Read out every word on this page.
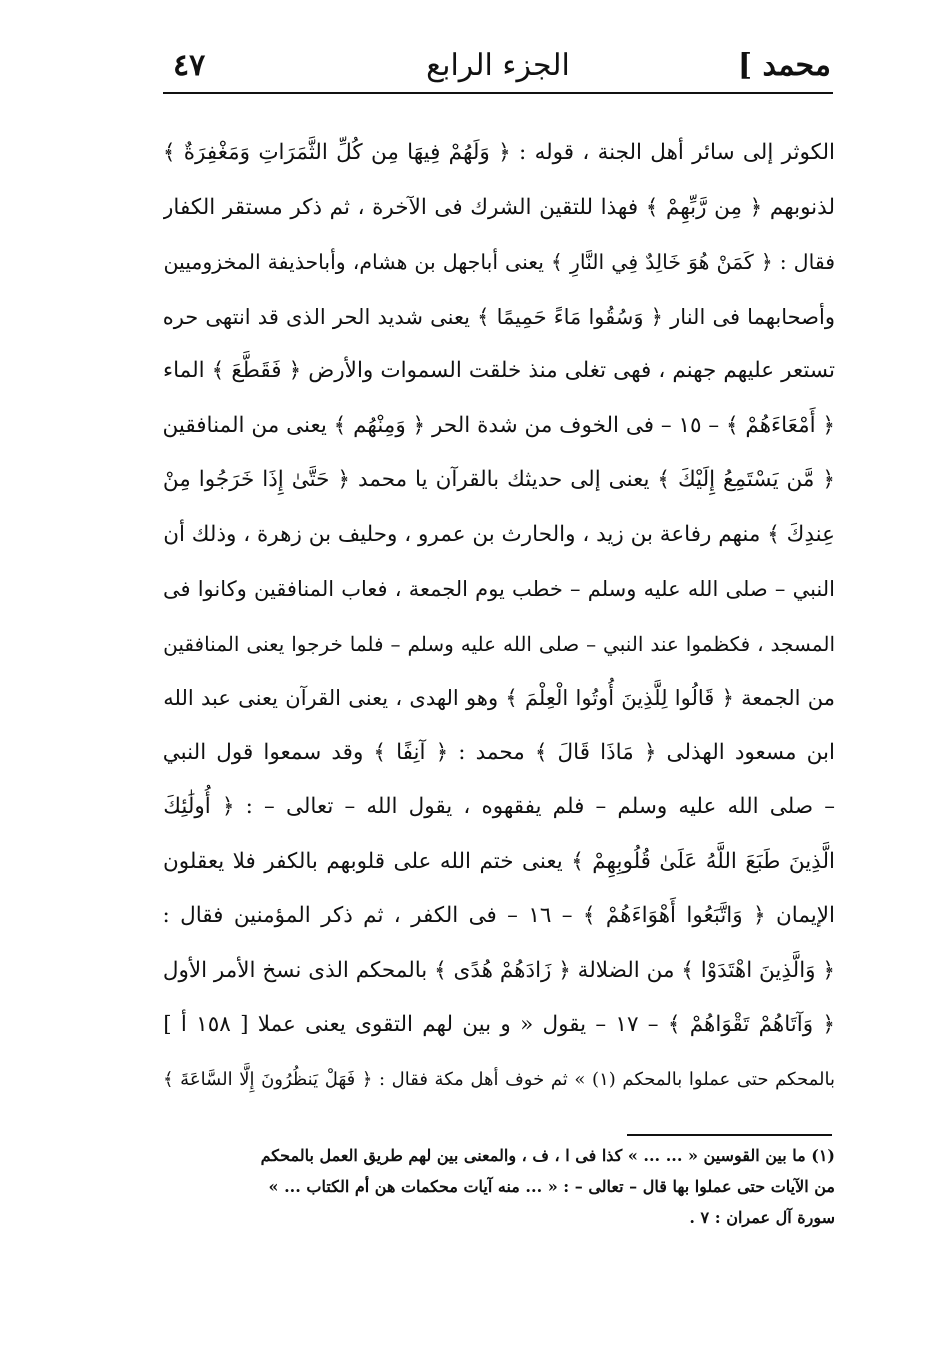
محمد ]
الجزء الرابع
٤٧
الكوثر إلى سائر أهل الجنة ، قوله : ﴿ وَلَهُمْ فِيهَا مِن كُلِّ الثَّمَرَاتِ وَمَغْفِرَةٌ ﴾
لذنوبهم ﴿ مِن رَّبِّهِمْ ﴾ فهذا للتقين الشرك فى الآخرة ، ثم ذكر مستقر الكفار
فقال : ﴿ كَمَنْ هُوَ خَالِدٌ فِي النَّارِ ﴾ يعنى أباجهل بن هشام، وأباحذيفة المخزوميين
وأصحابهما فى النار ﴿ وَسُقُوا مَاءً حَمِيمًا ﴾ يعنى شديد الحر الذى قد انتهى حره
تستعر عليهم جهنم ، فهى تغلى منذ خلقت السموات والأرض ﴿ فَقَطَّعَ ﴾ الماء
﴿ أَمْعَاءَهُمْ ﴾ – ١٥ – فى الخوف من شدة الحر ﴿ وَمِنْهُم ﴾ يعنى من المنافقين
﴿ مَّن يَسْتَمِعُ إِلَيْكَ ﴾ يعنى إلى حديثك بالقرآن يا محمد ﴿ حَتَّىٰ إِذَا خَرَجُوا مِنْ
عِندِكَ ﴾ منهم رفاعة بن زيد ، والحارث بن عمرو ، وحليف بن زهرة ، وذلك أن
النبي – صلى الله عليه وسلم – خطب يوم الجمعة ، فعاب المنافقين وكانوا فى
المسجد ، فكظموا عند النبي – صلى الله عليه وسلم – فلما خرجوا يعنى المنافقين
من الجمعة ﴿ قَالُوا لِلَّذِينَ أُوتُوا الْعِلْمَ ﴾ وهو الهدى ، يعنى القرآن يعنى عبد الله
ابن مسعود الهذلى ﴿ مَاذَا قَالَ ﴾ محمد : ﴿ آنِفًا ﴾ وقد سمعوا قول النبي
– صلى الله عليه وسلم – فلم يفقهوه ، يقول الله – تعالى – : ﴿ أُولَٰئِكَ
الَّذِينَ طَبَعَ اللَّهُ عَلَىٰ قُلُوبِهِمْ ﴾ يعنى ختم الله على قلوبهم بالكفر فلا يعقلون
الإيمان ﴿ وَاتَّبَعُوا أَهْوَاءَهُمْ ﴾ – ١٦ – فى الكفر ، ثم ذكر المؤمنين فقال :
﴿ وَالَّذِينَ اهْتَدَوْا ﴾ من الضلالة ﴿ زَادَهُمْ هُدًى ﴾ بالمحكم الذى نسخ الأمر الأول
﴿ وَآتَاهُمْ تَقْوَاهُمْ ﴾ – ١٧ – يقول « و بين لهم التقوى يعنى عملا [ ١٥٨ أ ]
بالمحكم حتى عملوا بالمحكم (١) » ثم خوف أهل مكة فقال : ﴿ فَهَلْ يَنظُرُونَ إِلَّا السَّاعَةَ ﴾
(١) ما بين القوسين « ... ... » كذا فى ا ، ف ، والمعنى بين لهم طريق العمل بالمحكم
من الآيات حتى عملوا بها قال – تعالى – : « ... منه آيات محكمات هن أم الكتاب ... »
سورة آل عمران : ٧ .
